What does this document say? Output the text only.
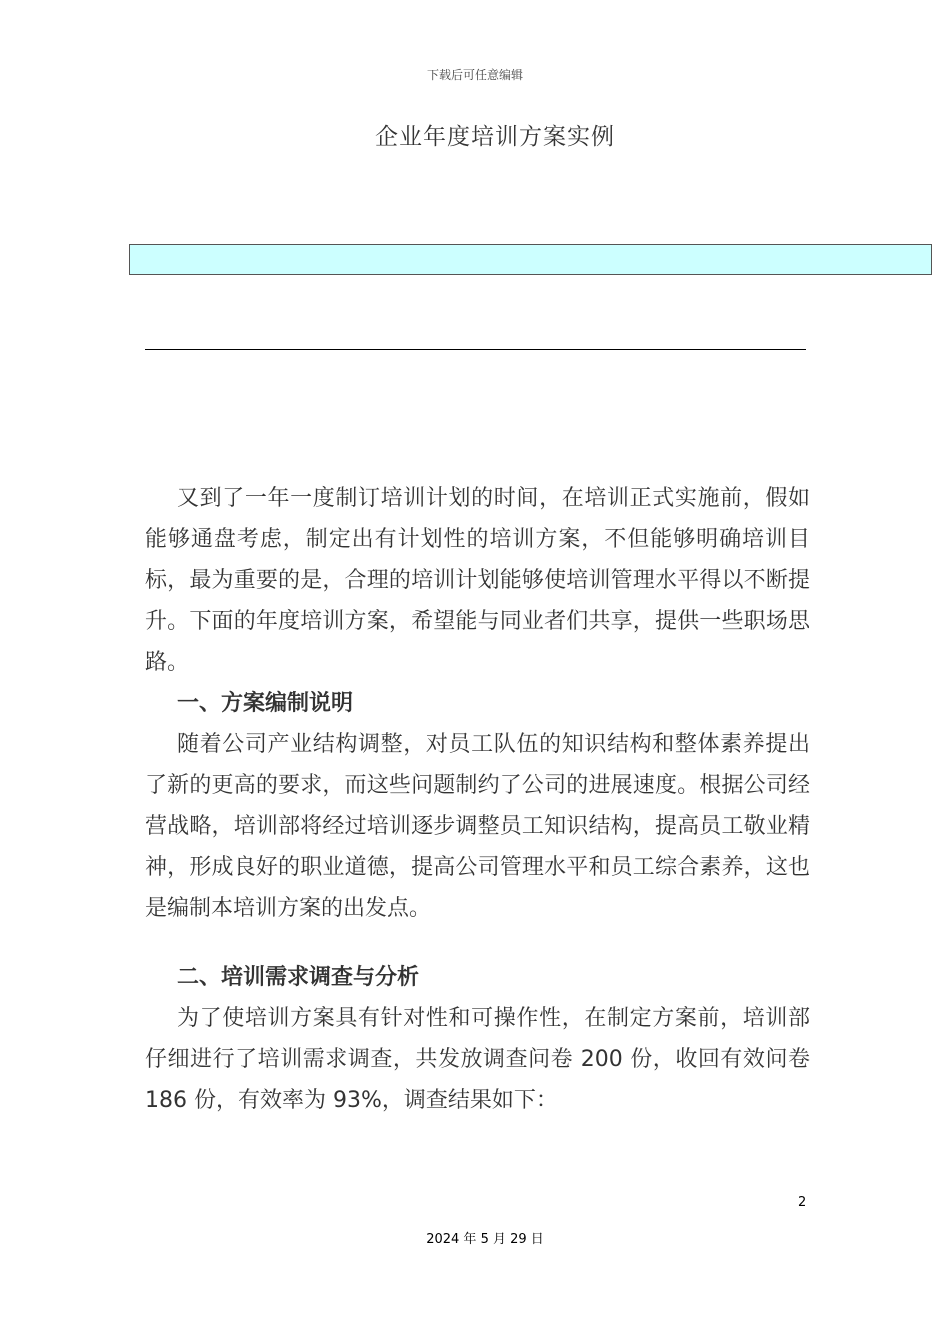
下载后可任意编辑
企业年度培训方案实例

又到了一年一度制订培训计划的时间，在培训正式实施前，假如能够通盘考虑，制定出有计划性的培训方案，不但能够明确培训目标，最为重要的是，合理的培训计划能够使培训管理水平得以不断提升。下面的年度培训方案，希望能与同业者们共享，提供一些职场思路。

一、方案编制说明

随着公司产业结构调整，对员工队伍的知识结构和整体素养提出了新的更高的要求，而这些问题制约了公司的进展速度。根据公司经营战略，培训部将经过培训逐步调整员工知识结构，提高员工敬业精神，形成良好的职业道德，提高公司管理水平和员工综合素养，这也是编制本培训方案的出发点。

二、培训需求调查与分析

为了使培训方案具有针对性和可操作性，在制定方案前，培训部仔细进行了培训需求调查，共发放调查问卷 200 份，收回有效问卷 186 份，有效率为 93%，调查结果如下：

2
2024 年 5 月 29 日
